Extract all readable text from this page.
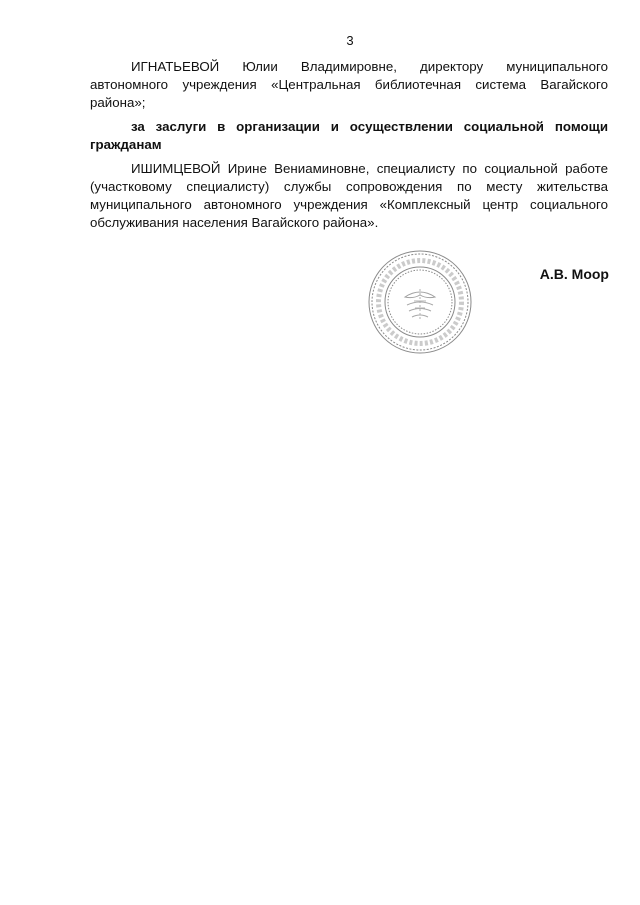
3

ИГНАТЬЕВОЙ Юлии Владимировне, директору муниципального автономного учреждения «Центральная библиотечная система Вагайского района»;

за заслуги в организации и осуществлении социальной помощи гражданам

ИШИМЦЕВОЙ Ирине Вениаминовне, специалисту по социальной работе (участковому специалисту) службы сопровождения по месту жительства муниципального автономного учреждения «Комплексный центр социального обслуживания населения Вагайского района».

А.В. Моор
